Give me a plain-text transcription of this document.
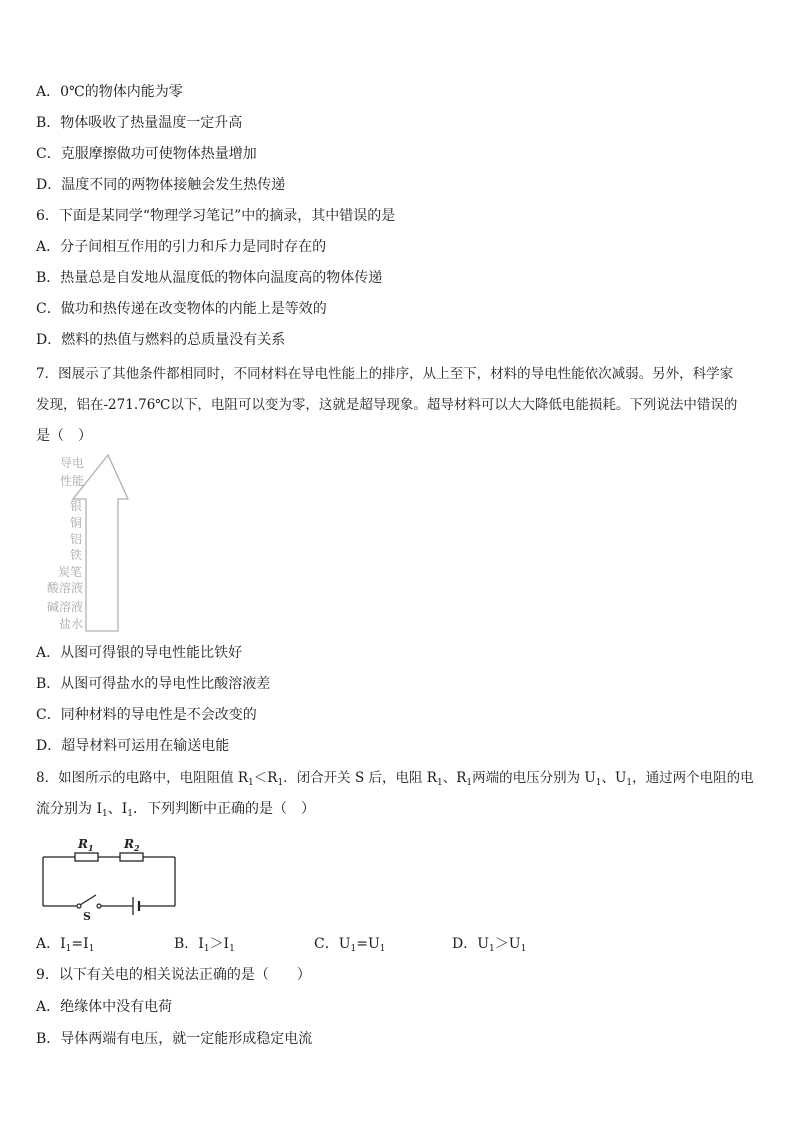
A．0℃的物体内能为零
B．物体吸收了热量温度一定升高
C．克服摩擦做功可使物体热量增加
D．温度不同的两物体接触会发生热传递
6．下面是某同学“物理学习笔记”中的摘录，其中错误的是
A．分子间相互作用的引力和斥力是同时存在的
B．热量总是自发地从温度低的物体向温度高的物体传递
C．做功和热传递在改变物体的内能上是等效的
D．燃料的热值与燃料的总质量没有关系
7．图展示了其他条件都相同时，不同材料在导电性能上的排序，从上至下，材料的导电性能依次减弱。另外，科学家
发现，铝在-271.76℃以下，电阻可以变为零，这就是超导现象。超导材料可以大大降低电能损耗。下列说法中错误的
是（　）
导电
性能
银
铜
铝
铁
炭笔
酸溶液
碱溶液
盐水
A．从图可得银的导电性能比铁好
B．从图可得盐水的导电性比酸溶液差
C．同种材料的导电性是不会改变的
D．超导材料可运用在输送电能
8．如图所示的电路中，电阻阻值 $R_1<R_1$．闭合开关 S 后，电阻 $R_1$、$R_1$两端的电压分别为 $U_1$、$U_1$，通过两个电阻的电
流分别为 $I_1$、$I_1$．下列判断中正确的是（　）
$R_1$	$R_2$
S
A．$I_1=I_1$	B．$I_1>I_1$	C．$U_1=U_1$	D．$U_1>U_1$
9．以下有关电的相关说法正确的是（　　）
A．绝缘体中没有电荷
B．导体两端有电压，就一定能形成稳定电流
